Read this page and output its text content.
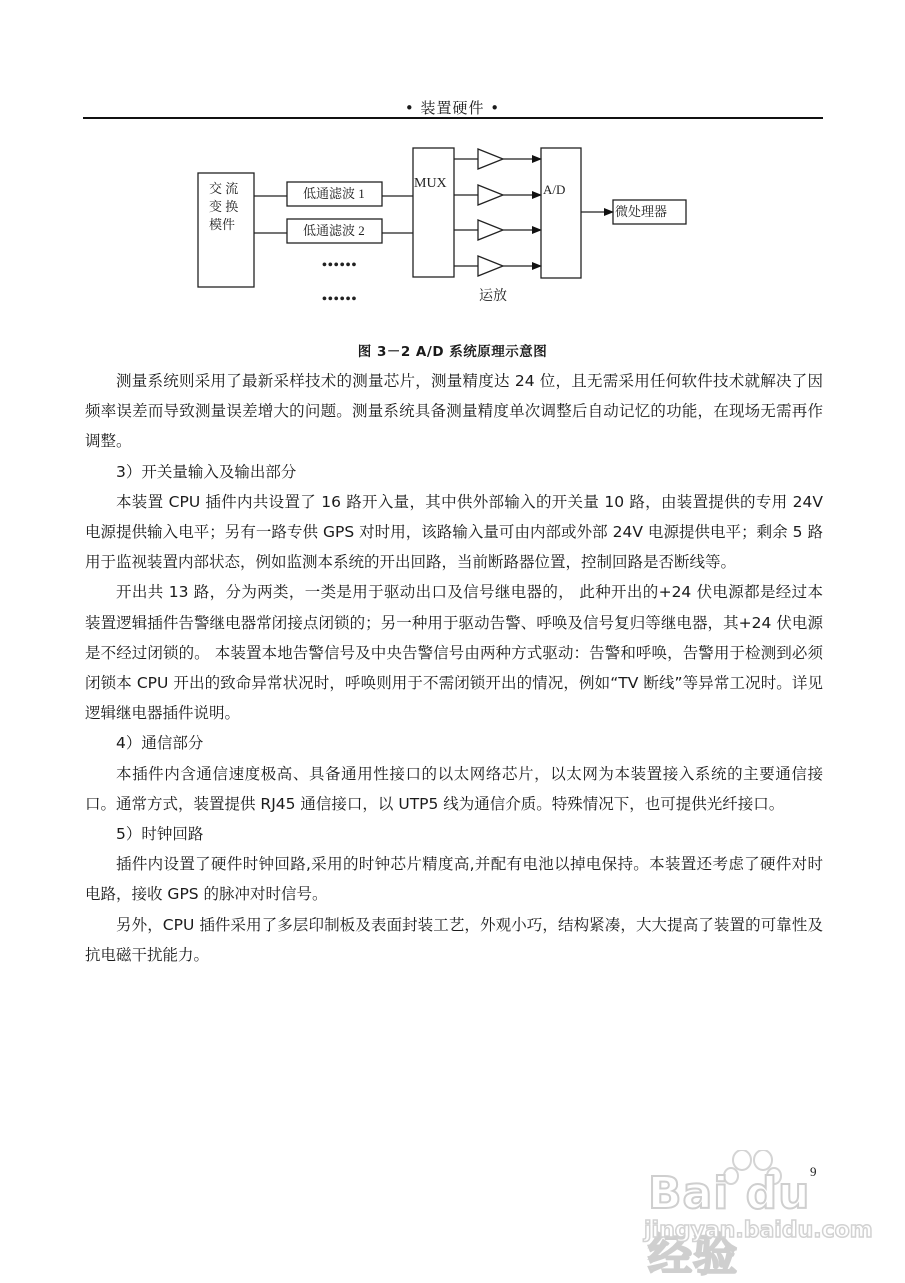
• 装置硬件 •
交 流
变 换
模件
低通滤波 1
低通滤波 2
••••••
••••••
MUX	A/D
微处理器
运放
图 3－2 A/D 系统原理示意图

测量系统则采用了最新采样技术的测量芯片，测量精度达 24 位，且无需采用任何软件技术就解决了因频率误差而导致测量误差增大的问题。测量系统具备测量精度单次调整后自动记忆的功能，在现场无需再作调整。

3）开关量输入及输出部分

本装置 CPU 插件内共设置了 16 路开入量，其中供外部输入的开关量 10 路，由装置提供的专用 24V 电源提供输入电平；另有一路专供 GPS 对时用，该路输入量可由内部或外部 24V 电源提供电平；剩余 5 路用于监视装置内部状态，例如监测本系统的开出回路，当前断路器位置，控制回路是否断线等。

开出共 13 路，分为两类，一类是用于驱动出口及信号继电器的， 此种开出的+24 伏电源都是经过本装置逻辑插件告警继电器常闭接点闭锁的；另一种用于驱动告警、呼唤及信号复归等继电器，其+24 伏电源是不经过闭锁的。 本装置本地告警信号及中央告警信号由两种方式驱动：告警和呼唤，告警用于检测到必须闭锁本 CPU 开出的致命异常状况时，呼唤则用于不需闭锁开出的情况，例如“TV 断线”等异常工况时。详见逻辑继电器插件说明。

4）通信部分

本插件内含通信速度极高、具备通用性接口的以太网络芯片，以太网为本装置接入系统的主要通信接口。通常方式，装置提供 RJ45 通信接口，以 UTP5 线为通信介质。特殊情况下，也可提供光纤接口。

5）时钟回路

插件内设置了硬件时钟回路,采用的时钟芯片精度高,并配有电池以掉电保持。本装置还考虑了硬件对时电路，接收 GPS 的脉冲对时信号。

另外，CPU 插件采用了多层印制板及表面封装工艺，外观小巧，结构紧凑，大大提高了装置的可靠性及抗电磁干扰能力。

9
Bai du 经验
jingyan.baidu.com
